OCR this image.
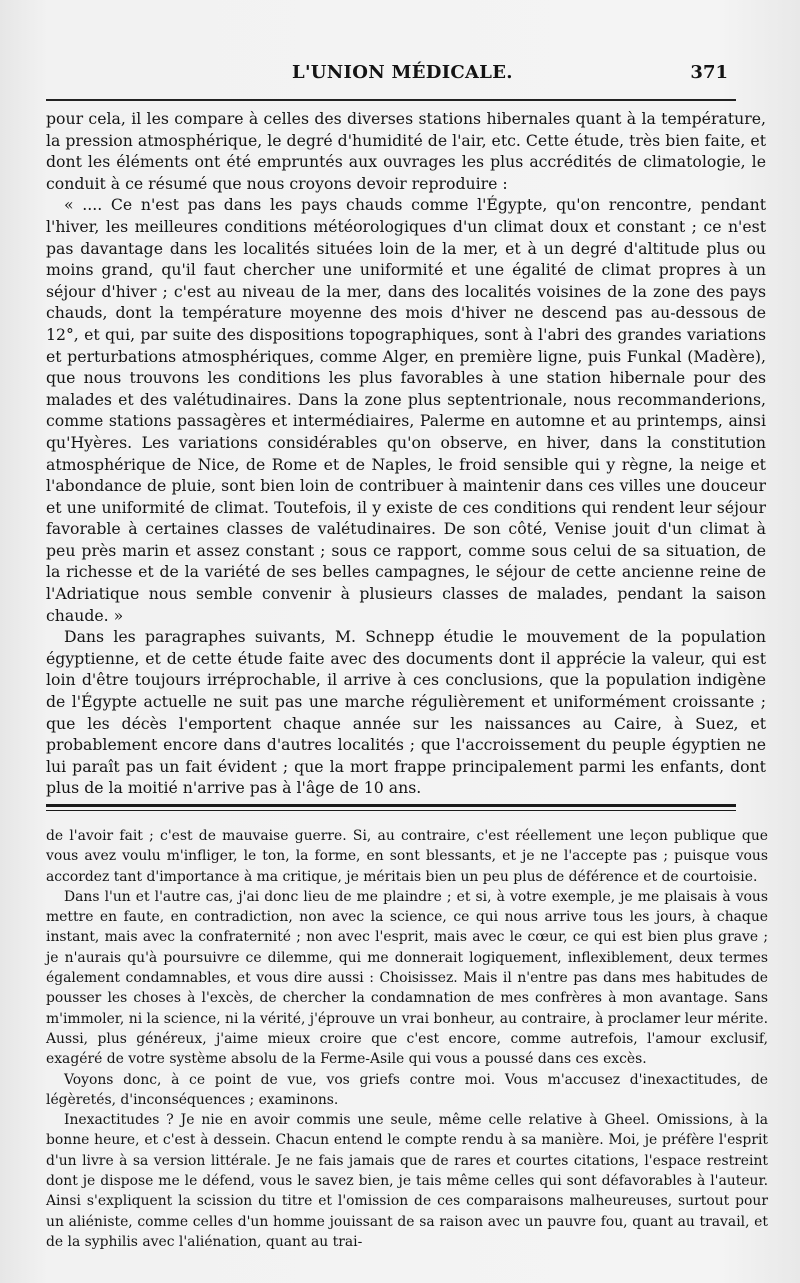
L'UNION MÉDICALE.	371

pour cela, il les compare à celles des diverses stations hibernales quant à la température, la pression atmosphérique, le degré d'humidité de l'air, etc. Cette étude, très bien faite, et dont les éléments ont été empruntés aux ouvrages les plus accrédités de climatologie, le conduit à ce résumé que nous croyons devoir reproduire :

« .... Ce n'est pas dans les pays chauds comme l'Égypte, qu'on rencontre, pendant l'hiver, les meilleures conditions météorologiques d'un climat doux et constant ; ce n'est pas davantage dans les localités situées loin de la mer, et à un degré d'altitude plus ou moins grand, qu'il faut chercher une uniformité et une égalité de climat propres à un séjour d'hiver ; c'est au niveau de la mer, dans des localités voisines de la zone des pays chauds, dont la température moyenne des mois d'hiver ne descend pas au-dessous de 12°, et qui, par suite des dispositions topographiques, sont à l'abri des grandes variations et perturbations atmosphériques, comme Alger, en première ligne, puis Funkal (Madère), que nous trouvons les conditions les plus favorables à une station hibernale pour des malades et des valétudinaires. Dans la zone plus septentrionale, nous recommanderions, comme stations passagères et intermédiaires, Palerme en automne et au printemps, ainsi qu'Hyères. Les variations considérables qu'on observe, en hiver, dans la constitution atmosphérique de Nice, de Rome et de Naples, le froid sensible qui y règne, la neige et l'abondance de pluie, sont bien loin de contribuer à maintenir dans ces villes une douceur et une uniformité de climat. Toutefois, il y existe de ces conditions qui rendent leur séjour favorable à certaines classes de valétudinaires. De son côté, Venise jouit d'un climat à peu près marin et assez constant ; sous ce rapport, comme sous celui de sa situation, de la richesse et de la variété de ses belles campagnes, le séjour de cette ancienne reine de l'Adriatique nous semble convenir à plusieurs classes de malades, pendant la saison chaude. »

Dans les paragraphes suivants, M. Schnepp étudie le mouvement de la population égyptienne, et de cette étude faite avec des documents dont il apprécie la valeur, qui est loin d'être toujours irréprochable, il arrive à ces conclusions, que la population indigène de l'Égypte actuelle ne suit pas une marche régulièrement et uniformément croissante ; que les décès l'emportent chaque année sur les naissances au Caire, à Suez, et probablement encore dans d'autres localités ; que l'accroissement du peuple égyptien ne lui paraît pas un fait évident ; que la mort frappe principalement parmi les enfants, dont plus de la moitié n'arrive pas à l'âge de 10 ans.

de l'avoir fait ; c'est de mauvaise guerre. Si, au contraire, c'est réellement une leçon publique que vous avez voulu m'infliger, le ton, la forme, en sont blessants, et je ne l'accepte pas ; puisque vous accordez tant d'importance à ma critique, je méritais bien un peu plus de déférence et de courtoisie.

Dans l'un et l'autre cas, j'ai donc lieu de me plaindre ; et si, à votre exemple, je me plaisais à vous mettre en faute, en contradiction, non avec la science, ce qui nous arrive tous les jours, à chaque instant, mais avec la confraternité ; non avec l'esprit, mais avec le cœur, ce qui est bien plus grave ; je n'aurais qu'à poursuivre ce dilemme, qui me donnerait logiquement, inflexiblement, deux termes également condamnables, et vous dire aussi : Choisissez. Mais il n'entre pas dans mes habitudes de pousser les choses à l'excès, de chercher la condamnation de mes confrères à mon avantage. Sans m'immoler, ni la science, ni la vérité, j'éprouve un vrai bonheur, au contraire, à proclamer leur mérite. Aussi, plus généreux, j'aime mieux croire que c'est encore, comme autrefois, l'amour exclusif, exagéré de votre système absolu de la Ferme-Asile qui vous a poussé dans ces excès.

Voyons donc, à ce point de vue, vos griefs contre moi. Vous m'accusez d'inexactitudes, de légèretés, d'inconséquences ; examinons.

Inexactitudes ? Je nie en avoir commis une seule, même celle relative à Gheel. Omissions, à la bonne heure, et c'est à dessein. Chacun entend le compte rendu à sa manière. Moi, je préfère l'esprit d'un livre à sa version littérale. Je ne fais jamais que de rares et courtes citations, l'espace restreint dont je dispose me le défend, vous le savez bien, je tais même celles qui sont défavorables à l'auteur. Ainsi s'expliquent la scission du titre et l'omission de ces comparaisons malheureuses, surtout pour un aliéniste, comme celles d'un homme jouissant de sa raison avec un pauvre fou, quant au travail, et de la syphilis avec l'aliénation, quant au trai-
